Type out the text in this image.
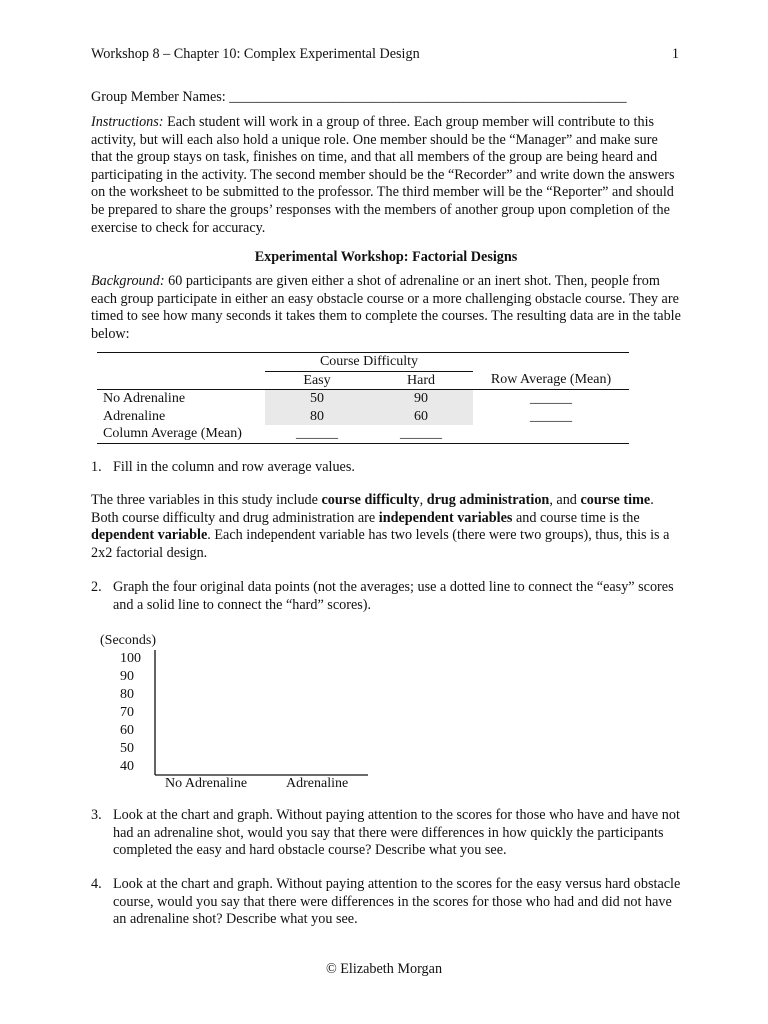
Workshop 8 – Chapter 10: Complex Experimental Design	1
Group Member Names: ________________________________________________________
Instructions: Each student will work in a group of three. Each group member will contribute to this activity, but will each also hold a unique role. One member should be the “Manager” and make sure that the group stays on task, finishes on time, and that all members of the group are being heard and participating in the activity. The second member should be the “Recorder” and write down the answers on the worksheet to be submitted to the professor. The third member will be the “Reporter” and should be prepared to share the groups’ responses with the members of another group upon completion of the exercise to check for accuracy.
Experimental Workshop: Factorial Designs
Background: 60 participants are given either a shot of adrenaline or an inert shot. Then, people from each group participate in either an easy obstacle course or a more challenging obstacle course. They are timed to see how many seconds it takes them to complete the courses. The resulting data are in the table below:
	Course Difficulty		
	Easy	Hard	Row Average (Mean)
No Adrenaline	50	90	______
Adrenaline	80	60	______
Column Average (Mean)	______	______	
1. Fill in the column and row average values.
The three variables in this study include course difficulty, drug administration, and course time. Both course difficulty and drug administration are independent variables and course time is the dependent variable. Each independent variable has two levels (there were two groups), thus, this is a 2x2 factorial design.
2. Graph the four original data points (not the averages; use a dotted line to connect the “easy” scores and a solid line to connect the “hard” scores).
(Seconds)
100
90
80
70
60
50
40
No Adrenaline	Adrenaline
3. Look at the chart and graph. Without paying attention to the scores for those who have and have not had an adrenaline shot, would you say that there were differences in how quickly the participants completed the easy and hard obstacle course? Describe what you see.
4. Look at the chart and graph. Without paying attention to the scores for the easy versus hard obstacle course, would you say that there were differences in the scores for those who had and did not have an adrenaline shot? Describe what you see.
© Elizabeth Morgan
